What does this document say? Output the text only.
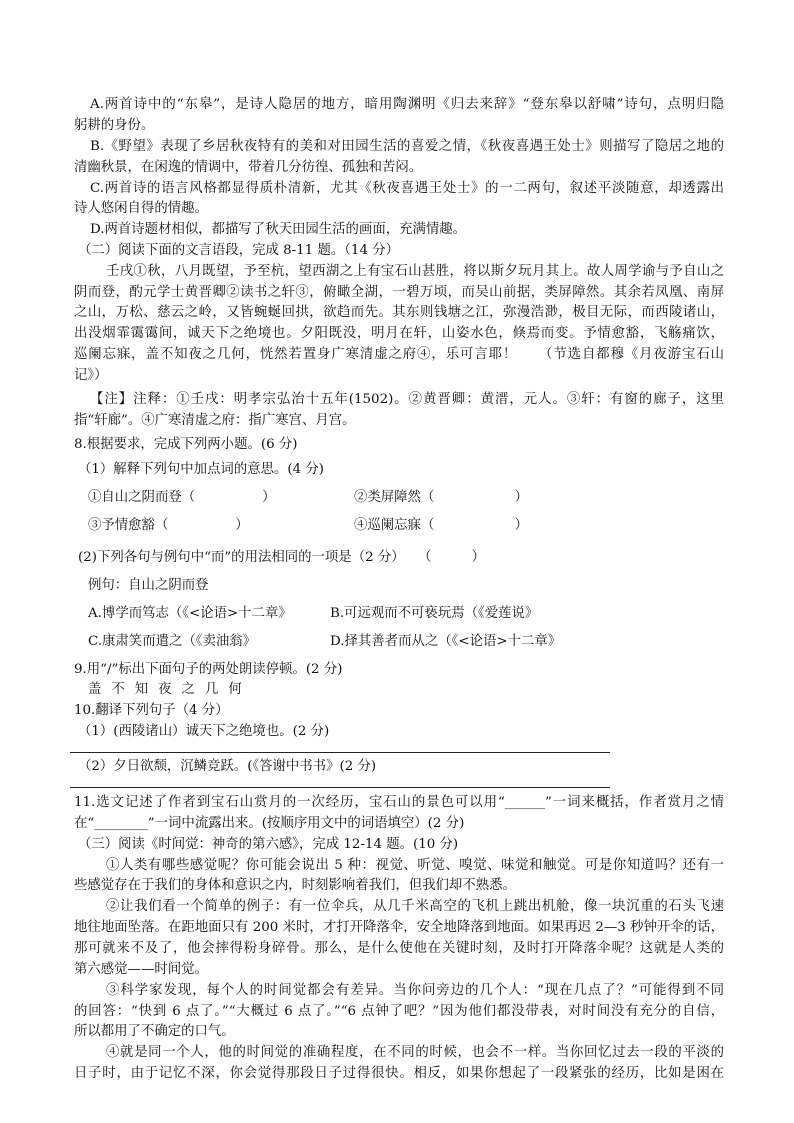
A.两首诗中的“东皋”，是诗人隐居的地方，暗用陶渊明《归去来辞》“登东皋以舒啸”诗句，点明归隐
躬耕的身份。
B.《野望》表现了乡居秋夜特有的美和对田园生活的喜爱之情，《秋夜喜遇王处士》则描写了隐居之地的
清幽秋景，在闲逸的情调中，带着几分彷徨、孤独和苦闷。
C.两首诗的语言风格都显得质朴清新，尤其《秋夜喜遇王处士》的一二两句，叙述平淡随意，却透露出
诗人悠闲自得的情趣。
D.两首诗题材相似，都描写了秋天田园生活的画面，充满情趣。
（二）阅读下面的文言语段，完成 8-11 题。（14 分）
壬戌①秋，八月既望，予至杭，望西湖之上有宝石山甚胜，将以斯夕玩月其上。故人周学谕与予自山之
阴而登，酌元学士黄晋卿②读书之轩③，俯瞰全湖，一碧万顷，而吴山前据，类屏障然。其余若凤凰、南屏
之山，万松、慈云之岭，又皆蜿蜒回拱，欲趋而先。其东则钱塘之江，弥漫浩渺，极目无际，而西陵诸山，
出没烟霏霭霭间，诚天下之绝境也。夕阳既没，明月在轩，山姿水色，倏焉而变。予情愈豁，飞觞痛饮，
巡阑忘寐，盖不知夜之几何，恍然若置身广寒清虚之府④，乐可言耶！　　（节选自都穆《月夜游宝石山
记》）
【注】注释：①壬戌：明孝宗弘治十五年(1502)。②黄晋卿：黄溍，元人。③轩：有窗的廊子，这里
指“轩廊”。④广寒清虚之府：指广寒宫、月宫。
8.根据要求，完成下列两小题。(6 分)
（1）解释下列句中加点词的意思。(4 分)
①自山之阴而登（　　　　　）	②类屏障然（　　　　　　）
③予情愈豁（　　　　　）	④巡阑忘寐（　　　　　　）
(2)下列各句与例句中“而”的用法相同的一项是（2 分）　　（　　　）
例句：自山之阴而登
A.博学而笃志（《<论语>十二章》	B.可远观而不可亵玩焉（《爱莲说》
C.康肃笑而遣之（《卖油翁》	D.择其善者而从之（《<论语>十二章》
9.用“/”标出下面句子的两处朗读停顿。(2 分)
盖不知夜之几何
10.翻译下列句子（4 分）
（1）(西陵诸山）诚天下之绝境也。(2 分)
（2）夕日欲颓，沉鳞竞跃。(《答谢中书书》(2 分)
11.选文记述了作者到宝石山赏月的一次经历，宝石山的景色可以用“______”一词来概括，作者赏月之情
在“________”一词中流露出来。(按顺序用文中的词语填空）(2 分)
（三）阅读《时间觉：神奇的第六感》，完成 12-14 题。(10 分)
①人类有哪些感觉呢？你可能会说出 5 种：视觉、听觉、嗅觉、味觉和触觉。可是你知道吗？还有一
些感觉存在于我们的身体和意识之内，时刻影响着我们，但我们却不熟悉。
②让我们看一个简单的例子：有一位伞兵，从几千米高空的飞机上跳出机舱，像一块沉重的石头飞速
地往地面坠落。在距地面只有 200 米时，才打开降落伞，安全地降落到地面。如果再迟 2—3 秒钟开伞的话，
那可就来不及了，他会摔得粉身碎骨。那么，是什么使他在关键时刻，及时打开降落伞呢？这就是人类的
第六感觉——时间觉。
③科学家发现，每个人的时间觉都会有差异。当你问旁边的几个人：“现在几点了？”可能得到不同
的回答：“快到 6 点了。”“大概过 6 点了。”“6 点钟了吧？”因为他们都没带表，对时间没有充分的自信，
所以都用了不确定的口气。
④就是同一个人，他的时间觉的准确程度，在不同的时候，也会不一样。当你回忆过去一段的平淡的
日子时，由于记忆不深，你会觉得那段日子过得很快。相反，如果你想起了一段紧张的经历，比如是困在
